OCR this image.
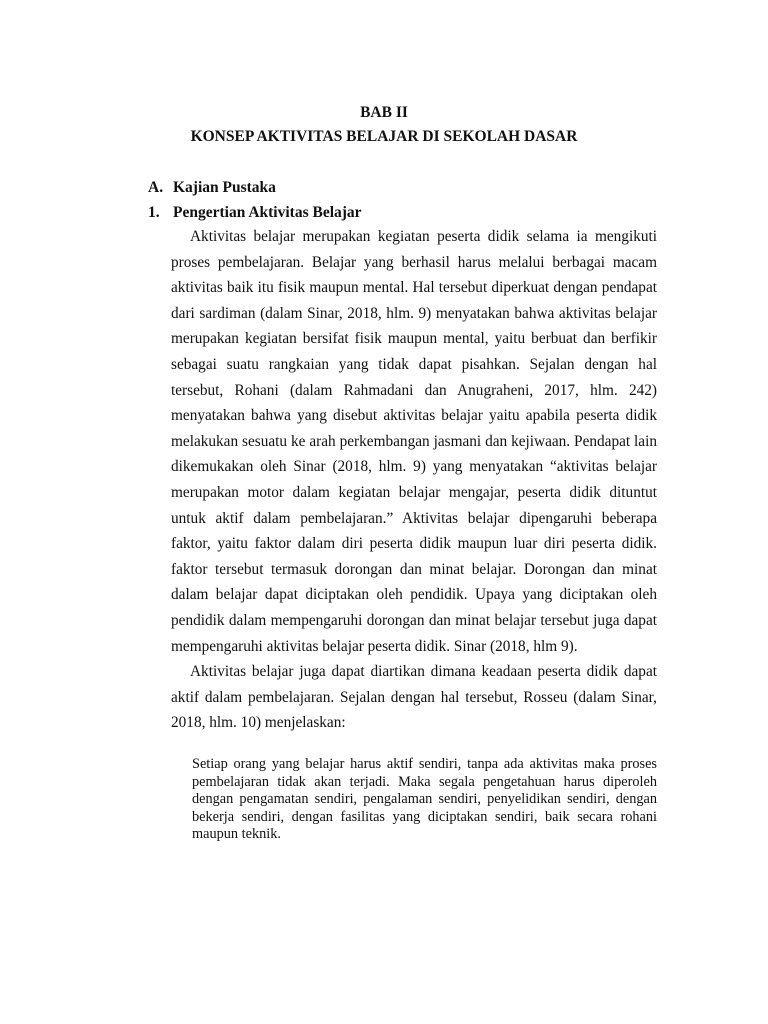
BAB II
KONSEP AKTIVITAS BELAJAR DI SEKOLAH DASAR
A. Kajian Pustaka
1. Pengertian Aktivitas Belajar

Aktivitas belajar merupakan kegiatan peserta didik selama ia mengikuti proses pembelajaran. Belajar yang berhasil harus melalui berbagai macam aktivitas baik itu fisik maupun mental. Hal tersebut diperkuat dengan pendapat dari sardiman (dalam Sinar, 2018, hlm. 9) menyatakan bahwa aktivitas belajar merupakan kegiatan bersifat fisik maupun mental, yaitu berbuat dan berfikir sebagai suatu rangkaian yang tidak dapat pisahkan. Sejalan dengan hal tersebut, Rohani (dalam Rahmadani dan Anugraheni, 2017, hlm. 242) menyatakan bahwa yang disebut aktivitas belajar yaitu apabila peserta didik melakukan sesuatu ke arah perkembangan jasmani dan kejiwaan. Pendapat lain dikemukakan oleh Sinar (2018, hlm. 9) yang menyatakan “aktivitas belajar merupakan motor dalam kegiatan belajar mengajar, peserta didik dituntut untuk aktif dalam pembelajaran.” Aktivitas belajar dipengaruhi beberapa faktor, yaitu faktor dalam diri peserta didik maupun luar diri peserta didik. faktor tersebut termasuk dorongan dan minat belajar. Dorongan dan minat dalam belajar dapat diciptakan oleh pendidik. Upaya yang diciptakan oleh pendidik dalam mempengaruhi dorongan dan minat belajar tersebut juga dapat mempengaruhi aktivitas belajar peserta didik. Sinar (2018, hlm 9).

Aktivitas belajar juga dapat diartikan dimana keadaan peserta didik dapat aktif dalam pembelajaran. Sejalan dengan hal tersebut, Rosseu (dalam Sinar, 2018, hlm. 10) menjelaskan:

Setiap orang yang belajar harus aktif sendiri, tanpa ada aktivitas maka proses pembelajaran tidak akan terjadi. Maka segala pengetahuan harus diperoleh dengan pengamatan sendiri, pengalaman sendiri, penyelidikan sendiri, dengan bekerja sendiri, dengan fasilitas yang diciptakan sendiri, baik secara rohani maupun teknik.
